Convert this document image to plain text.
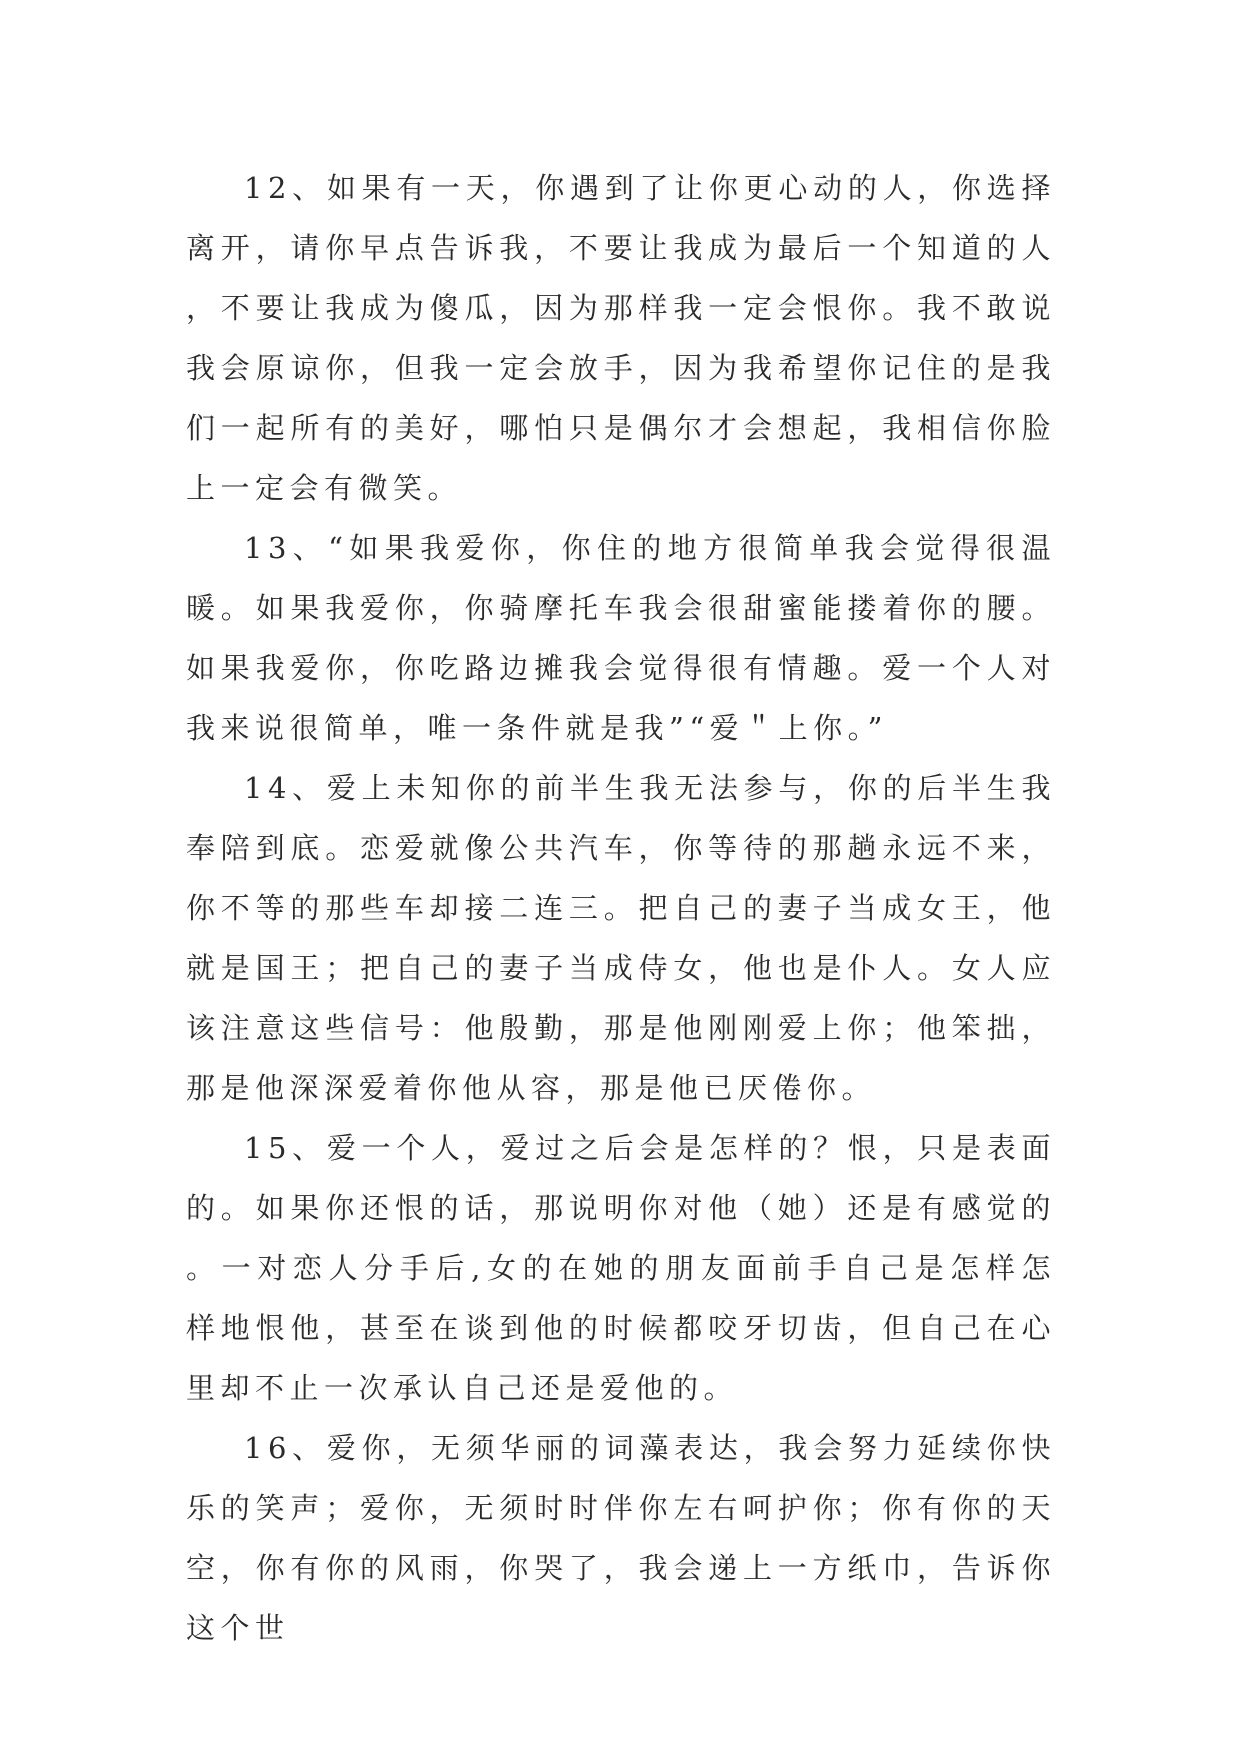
12、如果有一天，你遇到了让你更心动的人，你选择离开，请你早点告诉我，不要让我成为最后一个知道的人，不要让我成为傻瓜，因为那样我一定会恨你。我不敢说我会原谅你，但我一定会放手，因为我希望你记住的是我们一起所有的美好，哪怕只是偶尔才会想起，我相信你脸上一定会有微笑。

13、“如果我爱你，你住的地方很简单我会觉得很温暖。如果我爱你，你骑摩托车我会很甜蜜能搂着你的腰。如果我爱你，你吃路边摊我会觉得很有情趣。爱一个人对我来说很简单，唯一条件就是我”“爱＂上你。”

14、爱上未知你的前半生我无法参与，你的后半生我奉陪到底。恋爱就像公共汽车，你等待的那趟永远不来，你不等的那些车却接二连三。把自己的妻子当成女王，他就是国王；把自己的妻子当成侍女，他也是仆人。女人应该注意这些信号：他殷勤，那是他刚刚爱上你；他笨拙，那是他深深爱着你他从容，那是他已厌倦你。

15、爱一个人，爱过之后会是怎样的？恨，只是表面的。如果你还恨的话，那说明你对他（她）还是有感觉的。一对恋人分手后,女的在她的朋友面前手自己是怎样怎样地恨他，甚至在谈到他的时候都咬牙切齿，但自己在心里却不止一次承认自己还是爱他的。

16、爱你，无须华丽的词藻表达，我会努力延续你快乐的笑声；爱你，无须时时伴你左右呵护你；你有你的天空，你有你的风雨，你哭了，我会递上一方纸巾，告诉你这个世
